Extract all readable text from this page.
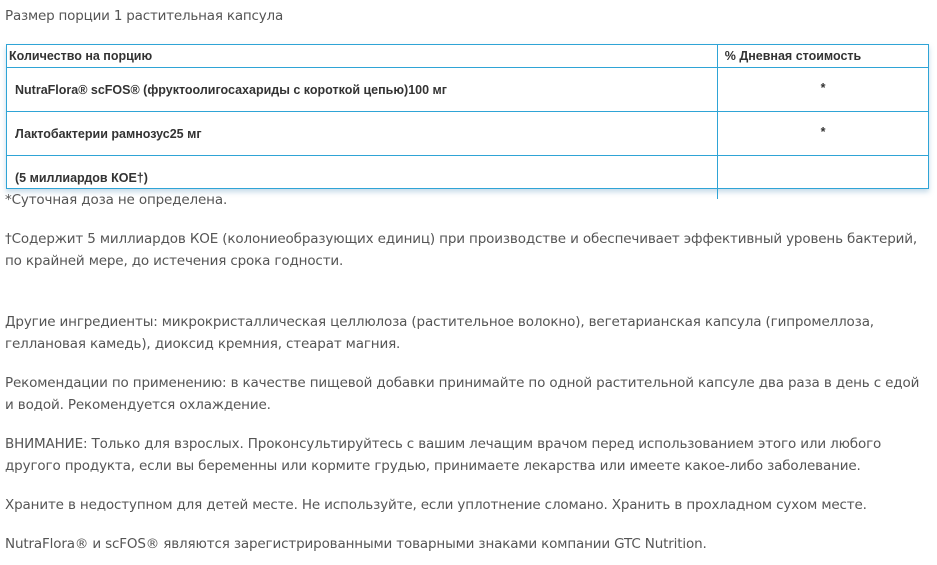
Размер порции 1 растительная капсула
Количество на порцию	% Дневная стоимость
NutraFlora® scFOS® (фруктоолигосахариды с короткой цепью)100 мг	*
Лактобактерии рамнозус25 мг	*
(5 миллиардов КОЕ†)	

*Суточная доза не определена.

†Содержит 5 миллиардов КОЕ (колониеобразующих единиц) при производстве и обеспечивает эффективный уровень бактерий, по крайней мере, до истечения срока годности.

Другие ингредиенты: микрокристаллическая целлюлоза (растительное волокно), вегетарианская капсула (гипромеллоза, геллановая камедь), диоксид кремния, стеарат магния.

Рекомендации по применению: в качестве пищевой добавки принимайте по одной растительной капсуле два раза в день с едой и водой. Рекомендуется охлаждение.

ВНИМАНИЕ: Только для взрослых. Проконсультируйтесь с вашим лечащим врачом перед использованием этого или любого другого продукта, если вы беременны или кормите грудью, принимаете лекарства или имеете какое-либо заболевание.

Храните в недоступном для детей месте. Не используйте, если уплотнение сломано. Хранить в прохладном сухом месте.

NutraFlora® и scFOS® являются зарегистрированными товарными знаками компании GTC Nutrition.
